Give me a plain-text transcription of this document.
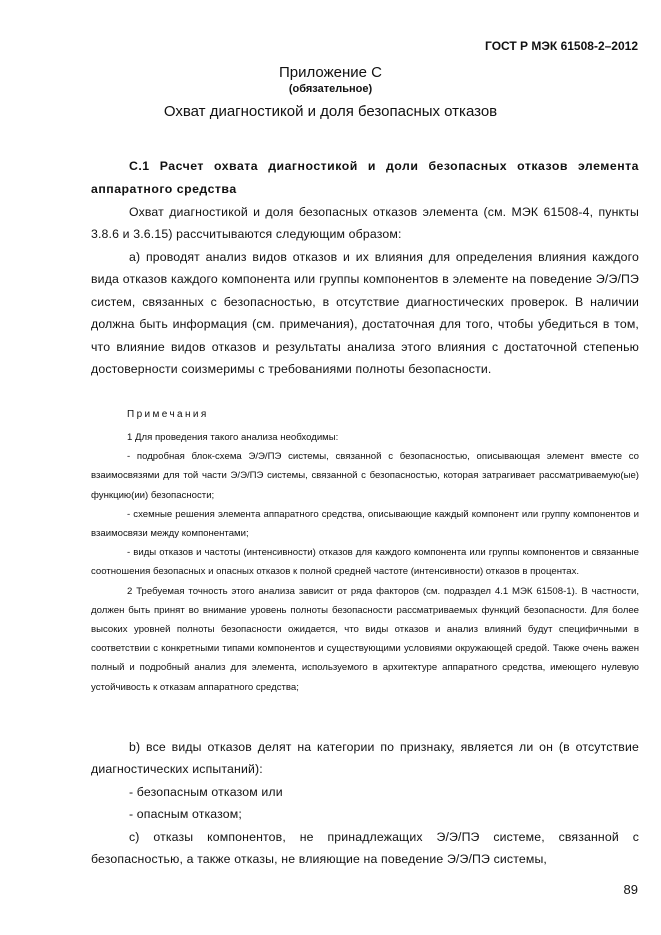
ГОСТ Р МЭК 61508-2–2012
Приложение С
(обязательное)
Охват диагностикой и доля безопасных отказов
С.1 Расчет охвата диагностикой и доли безопасных отказов элемента аппаратного средства
Охват диагностикой и доля безопасных отказов элемента (см. МЭК 61508-4, пункты 3.8.6 и 3.6.15) рассчитываются следующим образом:
а) проводят анализ видов отказов и их влияния для определения влияния каждого вида отказов каждого компонента или группы компонентов в элементе на поведение Э/Э/ПЭ систем, связанных с безопасностью, в отсутствие диагностических проверок. В наличии должна быть информация (см. примечания), достаточная для того, чтобы убедиться в том, что влияние видов отказов и результаты анализа этого влияния с достаточной степенью достоверности соизмеримы с требованиями полноты безопасности.
Примечания
1 Для проведения такого анализа необходимы:
- подробная блок-схема Э/Э/ПЭ системы, связанной с безопасностью, описывающая элемент вместе со взаимосвязями для той части Э/Э/ПЭ системы, связанной с безопасностью, которая затрагивает рассматриваемую(ые) функцию(ии) безопасности;
- схемные решения элемента аппаратного средства, описывающие каждый компонент или группу компонентов и взаимосвязи между компонентами;
- виды отказов и частоты (интенсивности) отказов для каждого компонента или группы компонентов и связанные соотношения безопасных и опасных отказов к полной средней частоте (интенсивности) отказов в процентах.
2 Требуемая точность этого анализа зависит от ряда факторов (см. подраздел 4.1 МЭК 61508-1). В частности, должен быть принят во внимание уровень полноты безопасности рассматриваемых функций безопасности. Для более высоких уровней полноты безопасности ожидается, что виды отказов и анализ влияний будут специфичными в соответствии с конкретными типами компонентов и существующими условиями окружающей средой. Также очень важен полный и подробный анализ для элемента, используемого в архитектуре аппаратного средства, имеющего нулевую устойчивость к отказам аппаратного средства;
b) все виды отказов делят на категории по признаку, является ли он (в отсутствие диагностических испытаний):
- безопасным отказом или
- опасным отказом;
с) отказы компонентов, не принадлежащих Э/Э/ПЭ системе, связанной с безопасностью, а также отказы, не влияющие на поведение Э/Э/ПЭ системы,
89
